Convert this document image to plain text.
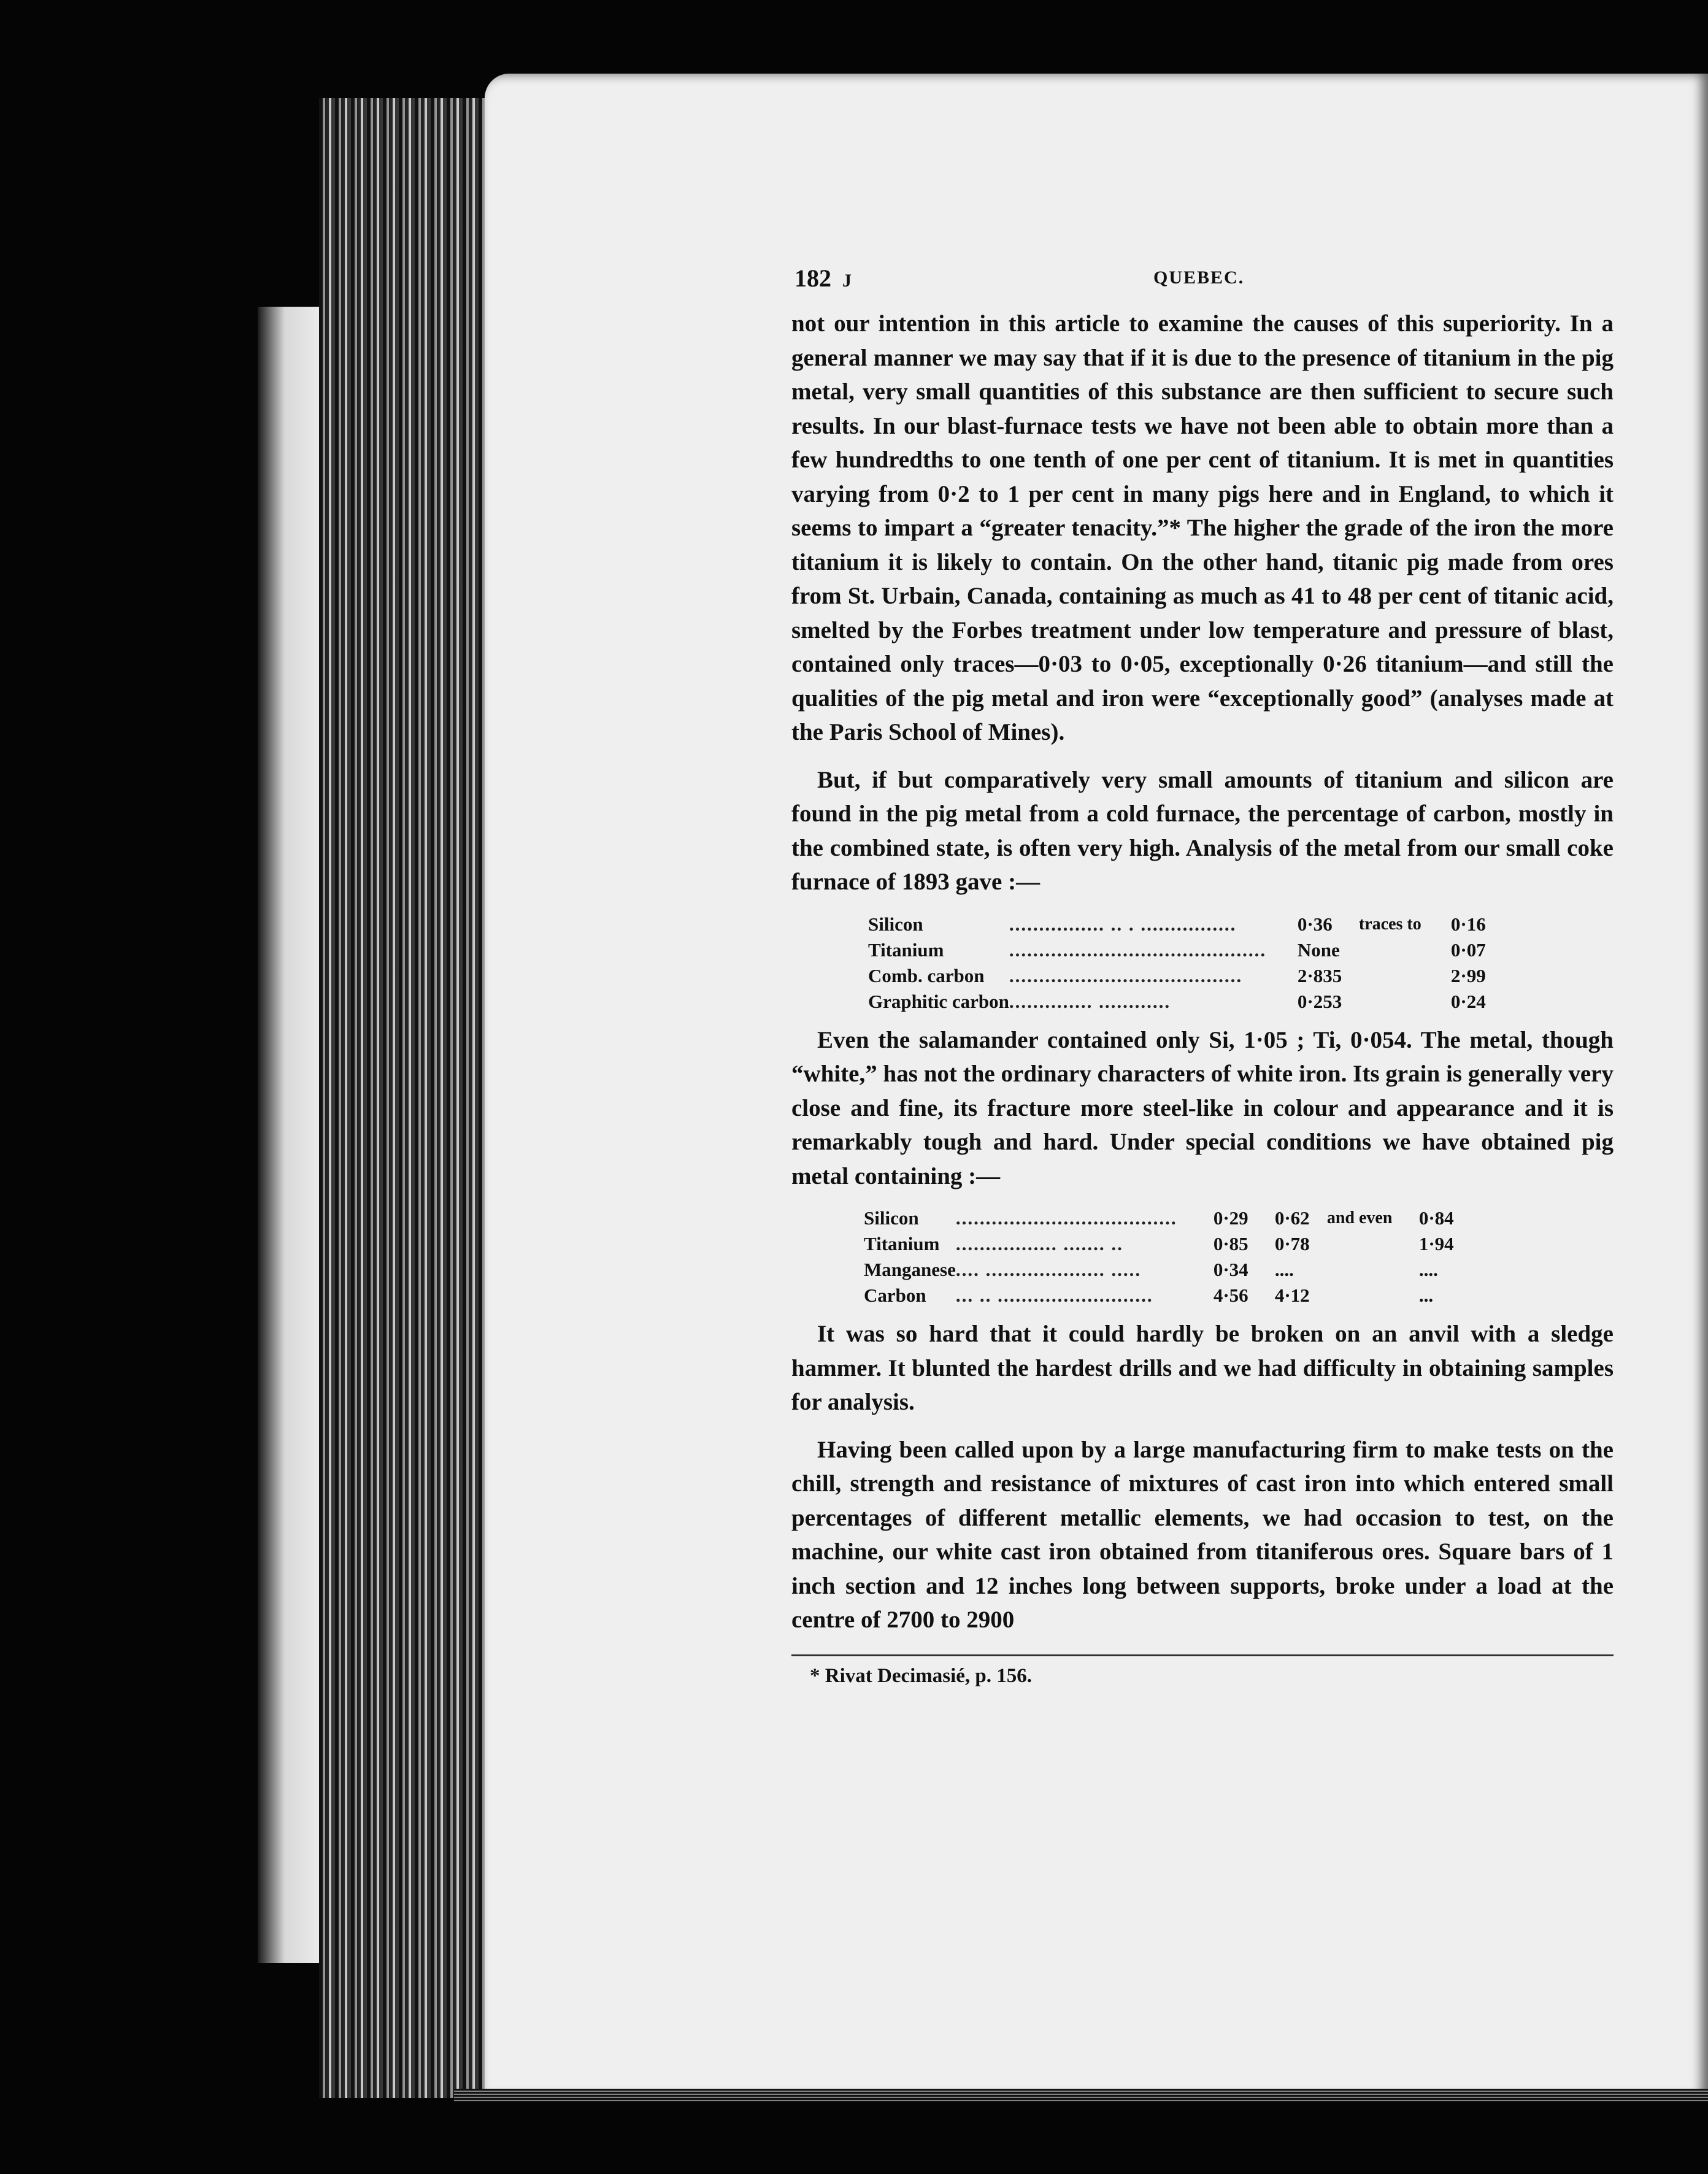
182 J	QUEBEC.

not our intention in this article to examine the causes of this superiority. In a general manner we may say that if it is due to the presence of titanium in the pig metal, very small quantities of this substance are then sufficient to secure such results. In our blast-furnace tests we have not been able to obtain more than a few hundredths to one tenth of one per cent of titanium. It is met in quantities varying from 0·2 to 1 per cent in many pigs here and in England, to which it seems to impart a “greater tenacity.”* The higher the grade of the iron the more titanium it is likely to contain. On the other hand, titanic pig made from ores from St. Urbain, Canada, containing as much as 41 to 48 per cent of titanic acid, smelted by the Forbes treatment under low temperature and pressure of blast, contained only traces—0·03 to 0·05, exceptionally 0·26 titanium—and still the qualities of the pig metal and iron were “exceptionally good” (analyses made at the Paris School of Mines).

But, if but comparatively very small amounts of titanium and silicon are found in the pig metal from a cold furnace, the percentage of carbon, mostly in the combined state, is often very high. Analysis of the metal from our small coke furnace of 1893 gave :—

Silicon	................ .. . ................	0·36	traces to	0·16
Titanium	...........................................	None		0·07
Comb. carbon	.......................................	2·835		2·99
Graphitic carbon	.............. ............	0·253		0·24

Even the salamander contained only Si, 1·05 ; Ti, 0·054. The metal, though “white,” has not the ordinary characters of white iron. Its grain is generally very close and fine, its fracture more steel-like in colour and appearance and it is remarkably tough and hard. Under special conditions we have obtained pig metal containing :—

Silicon	.....................................	0·29	0·62	and even	0·84
Titanium	................. ....... ..	0·85	0·78		1·94
Manganese	.... .................... .....	0·34	....		....
Carbon	... .. ..........................	4·56	4·12		...

It was so hard that it could hardly be broken on an anvil with a sledge hammer. It blunted the hardest drills and we had difficulty in obtaining samples for analysis.

Having been called upon by a large manufacturing firm to make tests on the chill, strength and resistance of mixtures of cast iron into which entered small percentages of different metallic elements, we had occasion to test, on the machine, our white cast iron obtained from titaniferous ores. Square bars of 1 inch section and 12 inches long between supports, broke under a load at the centre of 2700 to 2900

* Rivat Decimasié, p. 156.
